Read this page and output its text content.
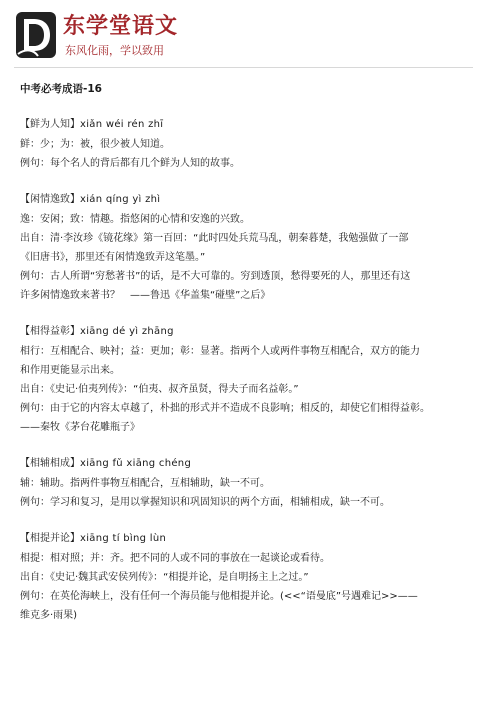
东学堂语文
东风化雨，学以致用
中考必考成语-16

【鲜为人知】xiǎn wéi rén zhī

鲜：少；为：被，很少被人知道。

例句：每个名人的背后都有几个鲜为人知的故事。

【闲情逸致】xián qíng yì zhì

逸：安闲；致：情趣。指悠闲的心情和安逸的兴致。

出自：清·李汝珍《镜花缘》第一百回：“此时四处兵荒马乱，朝秦暮楚，我勉强做了一部

《旧唐书》，那里还有闲情逸致弄这笔墨。”

例句：古人所谓“穷愁著书”的话，是不大可靠的。穷到透顶，愁得要死的人，那里还有这

许多闲情逸致来著书？　——鲁迅《华盖集“碰壁”之后》

【相得益彰】xiāng dé yì zhāng

相行：互相配合、映衬；益：更加；彰：显著。指两个人或两件事物互相配合，双方的能力

和作用更能显示出来。

出自：《史记·伯夷列传》：“伯夷、叔齐虽贤，得夫子而名益彰。”

例句：由于它的内容太卓越了，朴拙的形式并不造成不良影响；相反的，却使它们相得益彰。

——秦牧《茅台花雕瓶子》

【相辅相成】xiāng fǔ xiāng chéng

辅：辅助。指两件事物互相配合，互相辅助，缺一不可。

例句：学习和复习，是用以掌握知识和巩固知识的两个方面，相辅相成，缺一不可。

【相提并论】xiāng tí bìng lùn

相提：相对照；并：齐。把不同的人或不同的事放在一起谈论或看待。

出自：《史记·魏其武安侯列传》：“相提并论，是自明扬主上之过。”

例句：在英伦海峡上，没有任何一个海员能与他相提并论。(<<“语曼底”号遇难记>>——

维克多·雨果)
